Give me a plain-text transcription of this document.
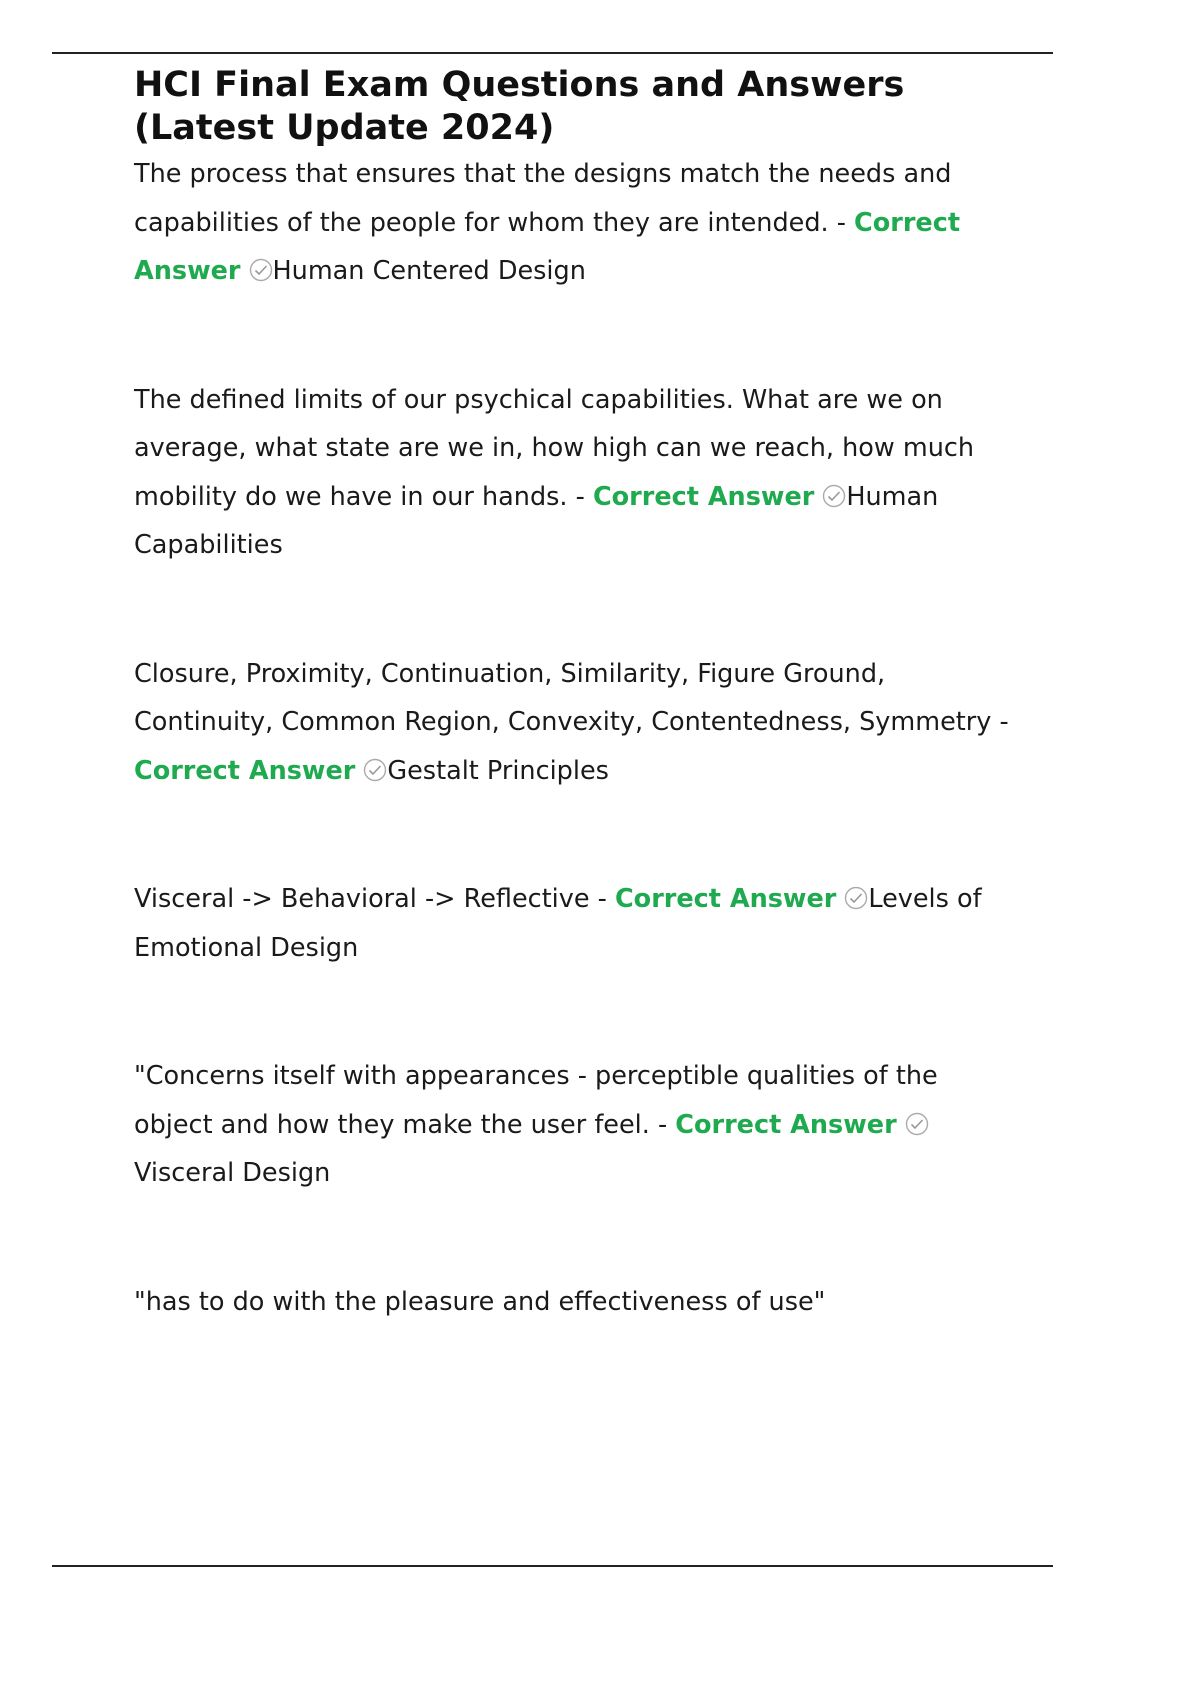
HCI Final Exam Questions and Answers (Latest Update 2024)

The process that ensures that the designs match the needs and capabilities of the people for whom they are intended. - Correct Answer Human Centered Design

The defined limits of our psychical capabilities. What are we on average, what state are we in, how high can we reach, how much mobility do we have in our hands. - Correct Answer Human Capabilities

Closure, Proximity, Continuation, Similarity, Figure Ground, Continuity, Common Region, Convexity, Contentedness, Symmetry - Correct Answer Gestalt Principles

Visceral -> Behavioral -> Reflective - Correct Answer Levels of Emotional Design

"Concerns itself with appearances - perceptible qualities of the object and how they make the user feel. - Correct AnswerVisceral Design

"has to do with the pleasure and effectiveness of use"
